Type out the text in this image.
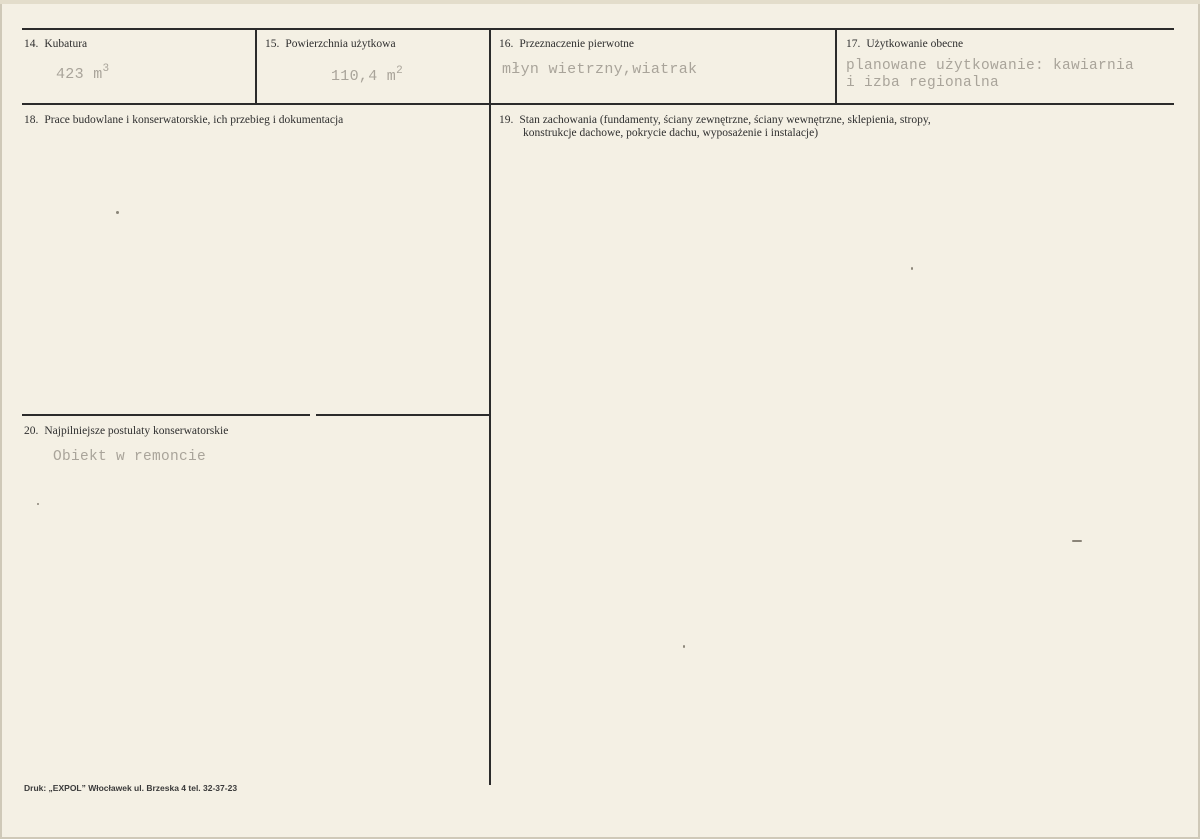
14. Kubatura
423 $m^3$
15. Powierzchnia użytkowa
110,4 $m^2$
16. Przeznaczenie pierwotne
młyn wietrzny,wiatrak
17. Użytkowanie obecne
planowane użytkowanie: kawiarnia
i izba regionalna
18. Prace budowlane i konserwatorskie, ich przebieg i dokumentacja	19. Stan zachowania (fundamenty, ściany zewnętrzne, ściany wewnętrzne, sklepienia, stropy,
konstrukcje dachowe, pokrycie dachu, wyposażenie i instalacje)
20. Najpilniejsze postulaty konserwatorskie
Obiekt w remoncie
Druk: „EXPOL” Włocławek ul. Brzeska 4 tel. 32-37-23
